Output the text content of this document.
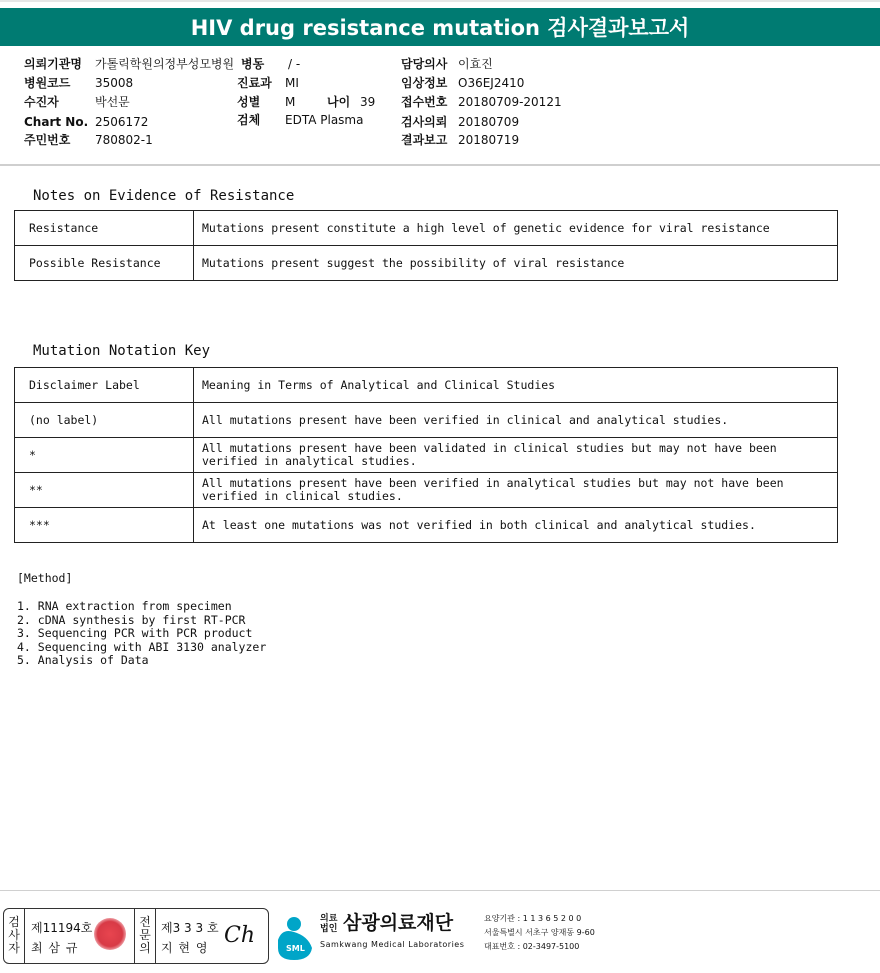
HIV drug resistance mutation 검사결과보고서
의뢰기관명 가톨릭학원의정부성모병원 병동 / -	담당의사 이효진
병원코드 35008	진료과 MI	임상정보 O36EJ2410
수진자	박선문	성별 M	나이 39 접수번호 20180709-20121
Chart No. 2506172	검체 EDTA Plasma	검사의뢰 20180709
주민번호 780802-1	결과보고 20180719
Notes on Evidence of Resistance
Resistance	Mutations present constitute a high level of genetic evidence for viral resistance
Possible Resistance	Mutations present suggest the possibility of viral resistance
Mutation Notation Key
Disclaimer Label	Meaning in Terms of Analytical and Clinical Studies
(no label)	All mutations present have been verified in clinical and analytical studies.
*	All mutations present have been validated in clinical studies but may not have been verified in analytical studies.
**	All mutations present have been verified in analytical studies but may not have been verified in clinical studies.
***	At least one mutations was not verified in both clinical and analytical studies.
[Method]
1. RNA extraction from specimen
2. cDNA synthesis by first RT-PCR
3. Sequencing PCR with PCR product
4. Sequencing with ABI 3130 analyzer
5. Analysis of Data
검사자
전문의
제11194호
최 삼 규
제3 3 3 호
지 현 영 Ch
SML
의료법인 삼광의료재단
Samkwang Medical Laboratories
요양기관 : 1 1 3 6 5 2 0 0
서울특별시 서초구 양재동 9-60
대표번호 : 02-3497-5100
